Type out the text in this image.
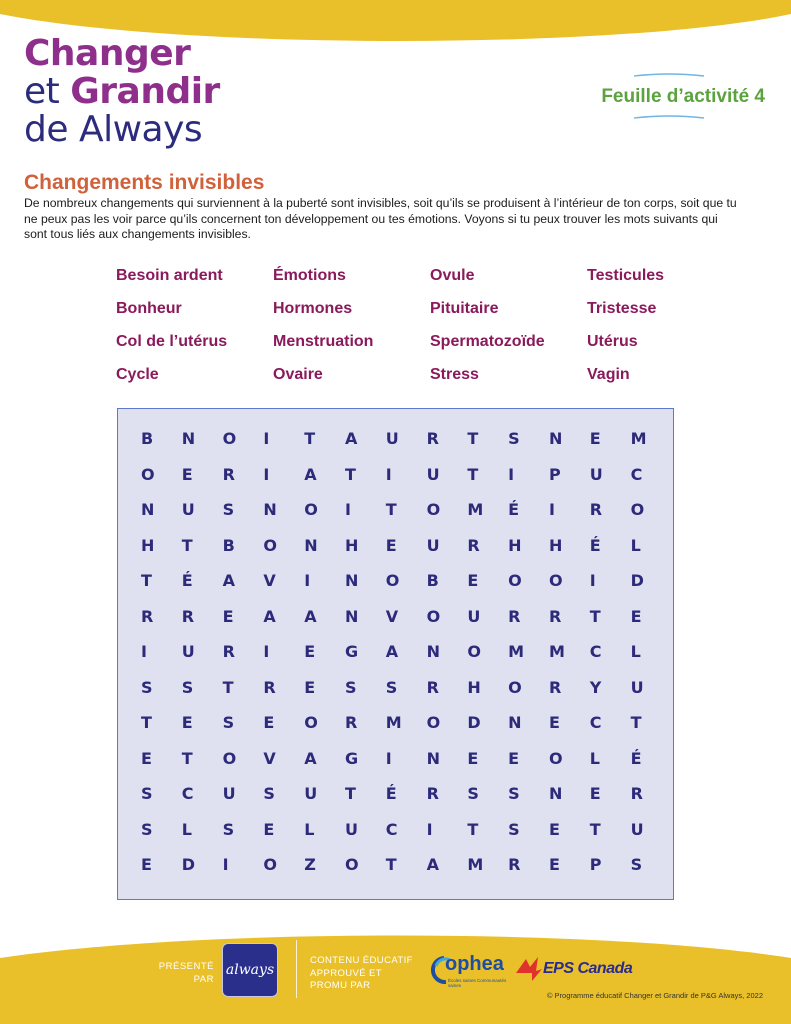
Changer
et Grandir
de Always
Feuille d’activité 4
Changements invisibles

De nombreux changements qui surviennent à la puberté sont invisibles, soit qu’ils se produisent à l’intérieur de ton corps, soit que tu ne peux pas les voir parce qu’ils concernent ton développement ou tes émotions. Voyons si tu peux trouver les mots suivants qui sont tous liés aux changements invisibles.

Besoin ardent	Émotions	Ovule	Testicules
Bonheur	Hormones	Pituitaire	Tristesse
Col de l’utérus	Menstruation	Spermatozoïde	Utérus
Cycle	Ovaire	Stress	Vagin
B	N	O	I	T	A	U	R	T	S	N	E	M
O	E	R	I	A	T	I	U	T	I	P	U	C
N	U	S	N	O	I	T	O	M	É	I	R	O
H	T	B	O	N	H	E	U	R	H	H	É	L
T	É	A	V	I	N	O	B	E	O	O	I	D
R	R	E	A	A	N	V	O	U	R	R	T	E
I	U	R	I	E	G	A	N	O	M	M	C	L
S	S	T	R	E	S	S	R	H	O	R	Y	U
T	E	S	E	O	R	M	O	D	N	E	C	T
E	T	O	V	A	G	I	N	E	E	O	L	É
S	C	U	S	U	T	É	R	S	S	N	E	R
S	L	S	E	L	U	C	I	T	S	E	T	U
E	D	I	O	Z	O	T	A	M	R	E	P	S
PRÉSENTÉ PAR
always
CONTENU ÉDUCATIF APPROUVÉ ET PROMU PAR
ophea
Écoles saines Communautés saines
EPS Canada
© Programme éducatif Changer et Grandir de P&G Always, 2022
